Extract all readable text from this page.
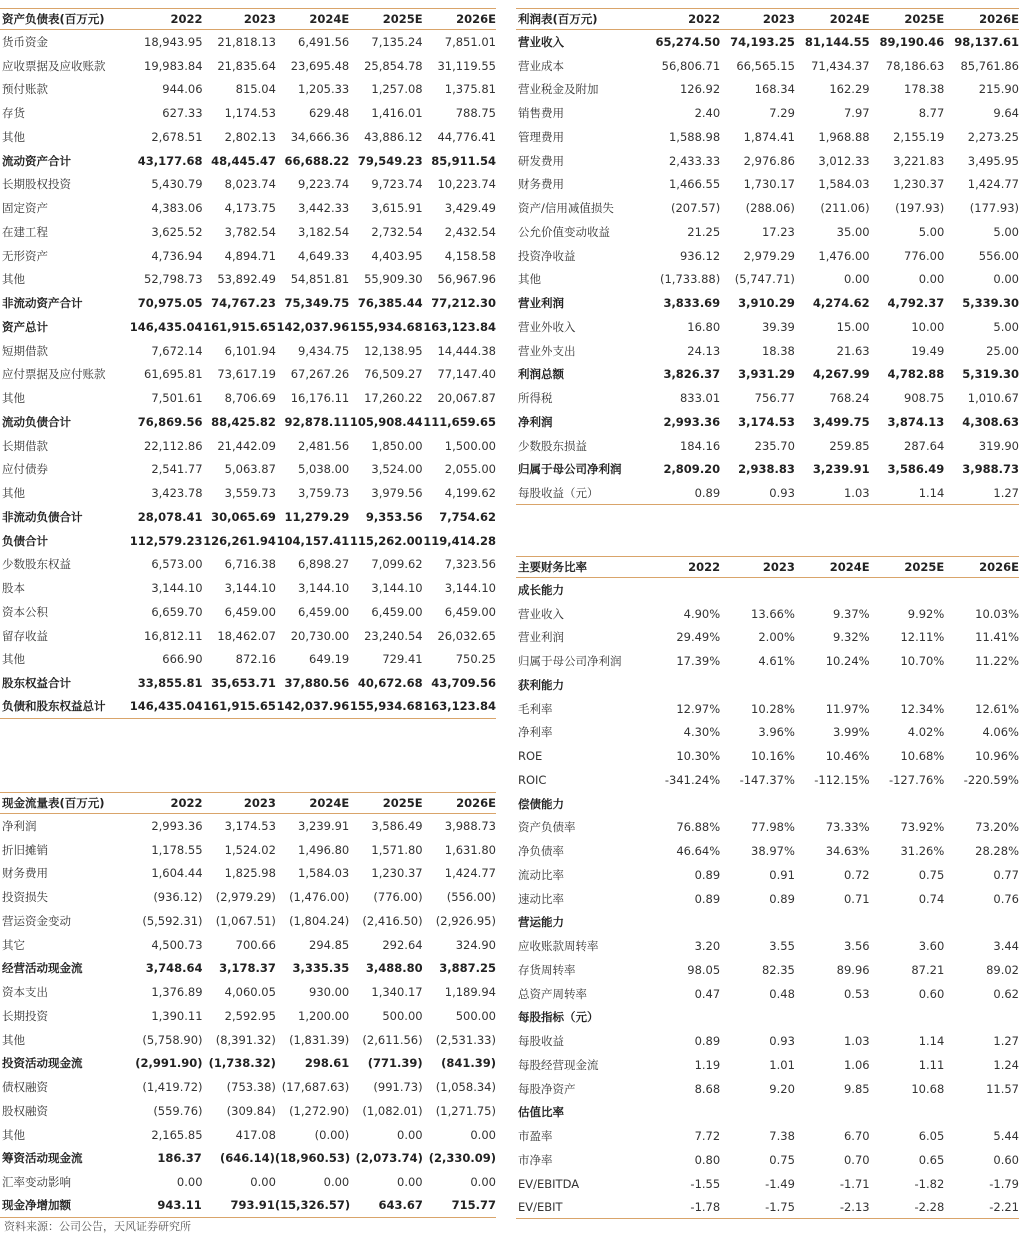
资产负债表(百万元)	2022	2023	2024E	2025E	2026E
货币资金	18,943.95	21,818.13	6,491.56	7,135.24	7,851.01
应收票据及应收账款	19,983.84	21,835.64	23,695.48	25,854.78	31,119.55
预付账款	944.06	815.04	1,205.33	1,257.08	1,375.81
存货	627.33	1,174.53	629.48	1,416.01	788.75
其他	2,678.51	2,802.13	34,666.36	43,886.12	44,776.41
流动资产合计	43,177.68 48,445.47 66,688.22 79,549.23 85,911.54
长期股权投资	5,430.79	8,023.74	9,223.74	9,723.74	10,223.74
固定资产	4,383.06	4,173.75	3,442.33	3,615.91	3,429.49
在建工程	3,625.52	3,782.54	3,182.54	2,732.54	2,432.54
无形资产	4,736.94	4,894.71	4,649.33	4,403.95	4,158.58
其他	52,798.73	53,892.49	54,851.81	55,909.30	56,967.96
非流动资产合计	70,975.05 74,767.23 75,349.75 76,385.44 77,212.30
资产总计	146,435.04 161,915.65 142,037.96 155,934.68 163,123.84
短期借款	7,672.14	6,101.94	9,434.75	12,138.95	14,444.38
应付票据及应付账款	61,695.81	73,617.19	67,267.26	76,509.27	77,147.40
其他	7,501.61	8,706.69	16,176.11	17,260.22	20,067.87
流动负债合计	76,869.56 88,425.82 92,878.11 105,908.44 111,659.65
长期借款	22,112.86	21,442.09	2,481.56	1,850.00	1,500.00
应付债券	2,541.77	5,063.87	5,038.00	3,524.00	2,055.00
其他	3,423.78	3,559.73	3,759.73	3,979.56	4,199.62
非流动负债合计	28,078.41 30,065.69 11,279.29	9,353.56	7,754.62
负债合计	112,579.23 126,261.94 104,157.41 115,262.00 119,414.28
少数股东权益	6,573.00	6,716.38	6,898.27	7,099.62	7,323.56
股本	3,144.10	3,144.10	3,144.10	3,144.10	3,144.10
资本公积	6,659.70	6,459.00	6,459.00	6,459.00	6,459.00
留存收益	16,812.11	18,462.07	20,730.00	23,240.54	26,032.65
其他	666.90	872.16	649.19	729.41	750.25
股东权益合计	33,855.81 35,653.71 37,880.56 40,672.68 43,709.56
负债和股东权益总计	146,435.04 161,915.65 142,037.96 155,934.68 163,123.84
利润表(百万元)	2022	2023	2024E	2025E	2026E
营业收入	65,274.50 74,193.25 81,144.55 89,190.46 98,137.61
营业成本	56,806.71	66,565.15	71,434.37	78,186.63	85,761.86
营业税金及附加	126.92	168.34	162.29	178.38	215.90
销售费用	2.40	7.29	7.97	8.77	9.64
管理费用	1,588.98	1,874.41	1,968.88	2,155.19	2,273.25
研发费用	2,433.33	2,976.86	3,012.33	3,221.83	3,495.95
财务费用	1,466.55	1,730.17	1,584.03	1,230.37	1,424.77
资产/信用减值损失	(207.57)	(288.06)	(211.06)	(197.93)	(177.93)
公允价值变动收益	21.25	17.23	35.00	5.00	5.00
投资净收益	936.12	2,979.29	1,476.00	776.00	556.00
其他	(1,733.88)	(5,747.71)	0.00	0.00	0.00
营业利润	3,833.69	3,910.29	4,274.62	4,792.37	5,339.30
营业外收入	16.80	39.39	15.00	10.00	5.00
营业外支出	24.13	18.38	21.63	19.49	25.00
利润总额	3,826.37	3,931.29	4,267.99	4,782.88	5,319.30
所得税	833.01	756.77	768.24	908.75	1,010.67
净利润	2,993.36	3,174.53	3,499.75	3,874.13	4,308.63
少数股东损益	184.16	235.70	259.85	287.64	319.90
归属于母公司净利润	2,809.20	2,938.83	3,239.91	3,586.49	3,988.73
每股收益（元）	0.89	0.93	1.03	1.14	1.27
现金流量表(百万元)	2022	2023	2024E	2025E	2026E
净利润	2,993.36	3,174.53	3,239.91	3,586.49	3,988.73
折旧摊销	1,178.55	1,524.02	1,496.80	1,571.80	1,631.80
财务费用	1,604.44	1,825.98	1,584.03	1,230.37	1,424.77
投资损失	(936.12)	(2,979.29)	(1,476.00)	(776.00)	(556.00)
营运资金变动	(5,592.31)	(1,067.51)	(1,804.24)	(2,416.50)	(2,926.95)
其它	4,500.73	700.66	294.85	292.64	324.90
经营活动现金流	3,748.64	3,178.37	3,335.35	3,488.80	3,887.25
资本支出	1,376.89	4,060.05	930.00	1,340.17	1,189.94
长期投资	1,390.11	2,592.95	1,200.00	500.00	500.00
其他	(5,758.90)	(8,391.32)	(1,831.39)	(2,611.56)	(2,531.33)
投资活动现金流	(2,991.90) (1,738.32)	298.61	(771.39)	(841.39)
债权融资	(1,419.72)	(753.38) (17,687.63)	(991.73)	(1,058.34)
股权融资	(559.76)	(309.84)	(1,272.90)	(1,082.01)	(1,271.75)
其他	2,165.85	417.08	(0.00)	0.00	0.00
筹资活动现金流	186.37	(646.14) (18,960.53) (2,073.74) (2,330.09)
汇率变动影响	0.00	0.00	0.00	0.00	0.00
现金净增加额	943.11	793.91 (15,326.57)	643.67	715.77
主要财务比率	2022	2023	2024E	2025E	2026E
成长能力
营业收入	4.90%	13.66%	9.37%	9.92%	10.03%
营业利润	29.49%	2.00%	9.32%	12.11%	11.41%
归属于母公司净利润	17.39%	4.61%	10.24%	10.70%	11.22%
获利能力
毛利率	12.97%	10.28%	11.97%	12.34%	12.61%
净利率	4.30%	3.96%	3.99%	4.02%	4.06%
ROE	10.30%	10.16%	10.46%	10.68%	10.96%
ROIC	-341.24%	-147.37%	-112.15%	-127.76%	-220.59%
偿债能力
资产负债率	76.88%	77.98%	73.33%	73.92%	73.20%
净负债率	46.64%	38.97%	34.63%	31.26%	28.28%
流动比率	0.89	0.91	0.72	0.75	0.77
速动比率	0.89	0.89	0.71	0.74	0.76
营运能力
应收账款周转率	3.20	3.55	3.56	3.60	3.44
存货周转率	98.05	82.35	89.96	87.21	89.02
总资产周转率	0.47	0.48	0.53	0.60	0.62
每股指标（元）
每股收益	0.89	0.93	1.03	1.14	1.27
每股经营现金流	1.19	1.01	1.06	1.11	1.24
每股净资产	8.68	9.20	9.85	10.68	11.57
估值比率
市盈率	7.72	7.38	6.70	6.05	5.44
市净率	0.80	0.75	0.70	0.65	0.60
EV/EBITDA	-1.55	-1.49	-1.71	-1.82	-1.79
EV/EBIT	-1.78	-1.75	-2.13	-2.28	-2.21
资料来源：公司公告，天风证券研究所
